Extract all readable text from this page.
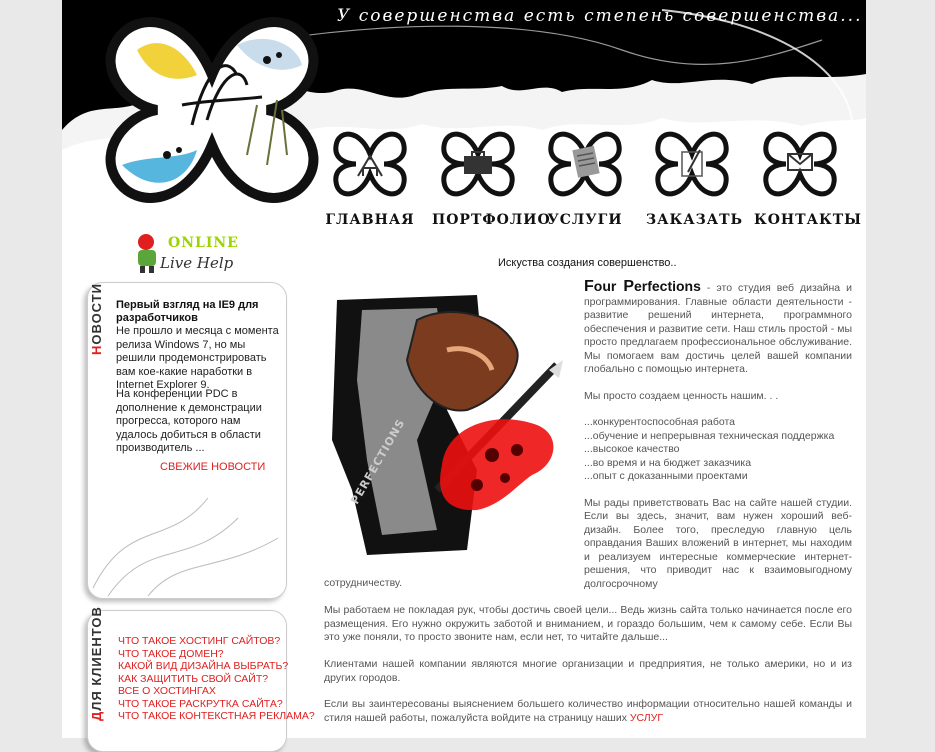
У совершенства есть степень совершенства...
ГЛАВНАЯ ПОРТФОЛИО
УСЛУГИ	ЗАКАЗАТЬ КОНТАКТЫ
ONLINE
Live Help
НОВОСТИ Первый взгляд на IE9 для разработчиков
Не прошло и месяца с момента релиза Windows 7, но мы решили продемонстрировать вам кое-какие наработки в Internet Explorer 9.
На конференции PDC в дополнение к демонстрации прогресса, которого нам удалось добиться в области производитель ...
СВЕЖИЕ НОВОСТИ
ДЛЯ КЛИЕНТОВ ЧТО ТАКОЕ ХОСТИНГ САЙТОВ?
ЧТО ТАКОЕ ДОМЕН?
КАКОЙ ВИД ДИЗАЙНА ВЫБРАТЬ?
КАК ЗАЩИТИТЬ СВОЙ САЙТ?
ВСЕ О ХОСТИНГАХ
ЧТО ТАКОЕ РАСКРУТКА САЙТА?
ЧТО ТАКОЕ КОНТЕКСТНАЯ РЕКЛАМА?
Искуства создания совершенство..
PERFECTIONS

Four Perfections - это студия веб дизайна и программирования. Главные области деятельности - развитие решений интернета, программного обеспечения и развитие сети. Наш стиль простой - мы просто предлагаем профессиональное обслуживание. Мы помогаем вам достичь целей вашей компании глобально с помощью интернета.

Мы просто создаем ценность нашим. . .

...конкурентоспособная работа
...обучение и непрерывная техническая поддержка
...высокое качество
...во время и на бюджет заказчика
...опыт с доказанными проектами

Мы рады приветствовать Вас на сайте нашей студии. Если вы здесь, значит, вам нужен хороший веб-дизайн. Более того, преследую главную цель оправдания Ваших вложений в интернет, мы находим и реализуем интересные коммерческие интернет-решения, что приводит нас к взаимовыгодному долгосрочному

сотрудничеству.
Мы работаем не покладая рук, чтобы достичь своей цели... Ведь жизнь сайта только начинается после его размещения. Его нужно окружить заботой и вниманием, и гораздо большим, чем к самому себе. Если Вы это уже поняли, то просто звоните нам, если нет, то читайте дальше...
Клиентами нашей компании являются многие организации и предприятия, не только америки, но и из других городов.
Если вы заинтересованы выяснением большего количество информации относительно нашей команды и стиля нашей работы, пожалуйста войдите на страницу наших УСЛУГ
